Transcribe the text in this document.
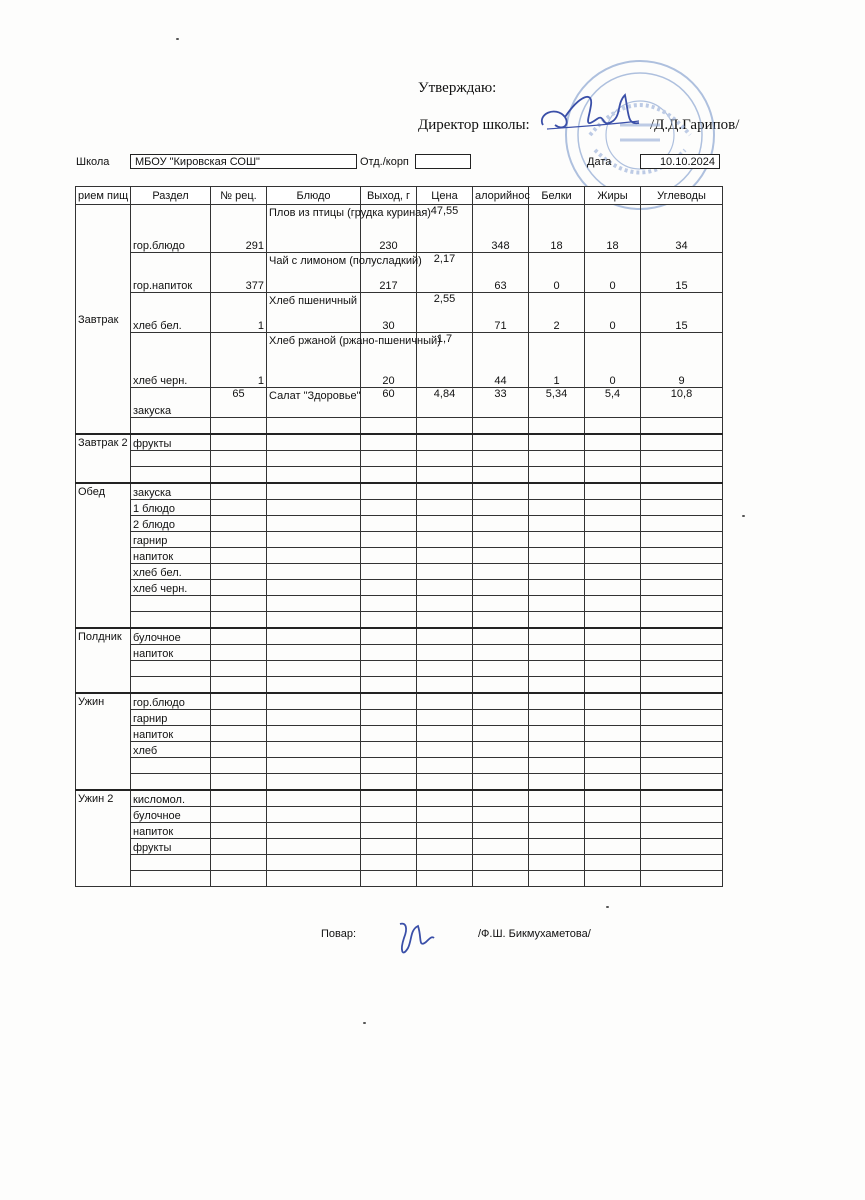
Утверждаю:
Директор школы:	/Д.Д.Гарипов/
Школа	МБОУ "Кировская СОШ"	Отд./корп	Дата	10.10.2024
рием пищ	Раздел	№ рец.	Блюдо	Выход, г	Цена	алорийнос	Белки	Жиры	Углеводы
Завтрак	гор.блюдо	291	Плов из птицы (грудка куриная)	230	47,55	348	18	18	34
	гор.напиток	377	Чай с лимоном (полусладкий)	217	2,17	63	0	0	15
	хлеб бел.	1	Хлеб пшеничный	30	2,55	71	2	0	15
	хлеб черн.	1	Хлеб ржаной (ржано-пшеничный)	20	1,7	44	1	0	9
	закуска	65	Салат "Здоровье"	60	4,84	33	5,34	5,4	10,8

Завтрак 2	фрукты								

Обед	закуска								
	1 блюдо								
	2 блюдо								
	гарнир								
	напиток								
	хлеб бел.								
	хлеб черн.								

Полдник	булочное								
	напиток								

Ужин	гор.блюдо								
	гарнир								
	напиток								
	хлеб								

Ужин 2	кисломол.								
	булочное								
	напиток								
	фрукты								

Повар:	/Ф.Ш. Бикмухаметова/
